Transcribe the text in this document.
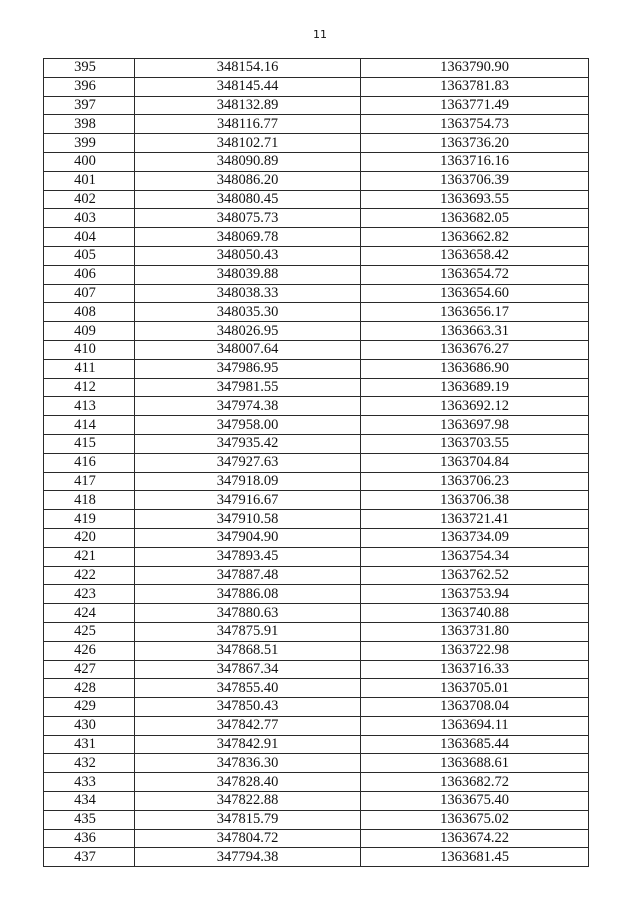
11
395	348154.16	1363790.90
396	348145.44	1363781.83
397	348132.89	1363771.49
398	348116.77	1363754.73
399	348102.71	1363736.20
400	348090.89	1363716.16
401	348086.20	1363706.39
402	348080.45	1363693.55
403	348075.73	1363682.05
404	348069.78	1363662.82
405	348050.43	1363658.42
406	348039.88	1363654.72
407	348038.33	1363654.60
408	348035.30	1363656.17
409	348026.95	1363663.31
410	348007.64	1363676.27
411	347986.95	1363686.90
412	347981.55	1363689.19
413	347974.38	1363692.12
414	347958.00	1363697.98
415	347935.42	1363703.55
416	347927.63	1363704.84
417	347918.09	1363706.23
418	347916.67	1363706.38
419	347910.58	1363721.41
420	347904.90	1363734.09
421	347893.45	1363754.34
422	347887.48	1363762.52
423	347886.08	1363753.94
424	347880.63	1363740.88
425	347875.91	1363731.80
426	347868.51	1363722.98
427	347867.34	1363716.33
428	347855.40	1363705.01
429	347850.43	1363708.04
430	347842.77	1363694.11
431	347842.91	1363685.44
432	347836.30	1363688.61
433	347828.40	1363682.72
434	347822.88	1363675.40
435	347815.79	1363675.02
436	347804.72	1363674.22
437	347794.38	1363681.45
